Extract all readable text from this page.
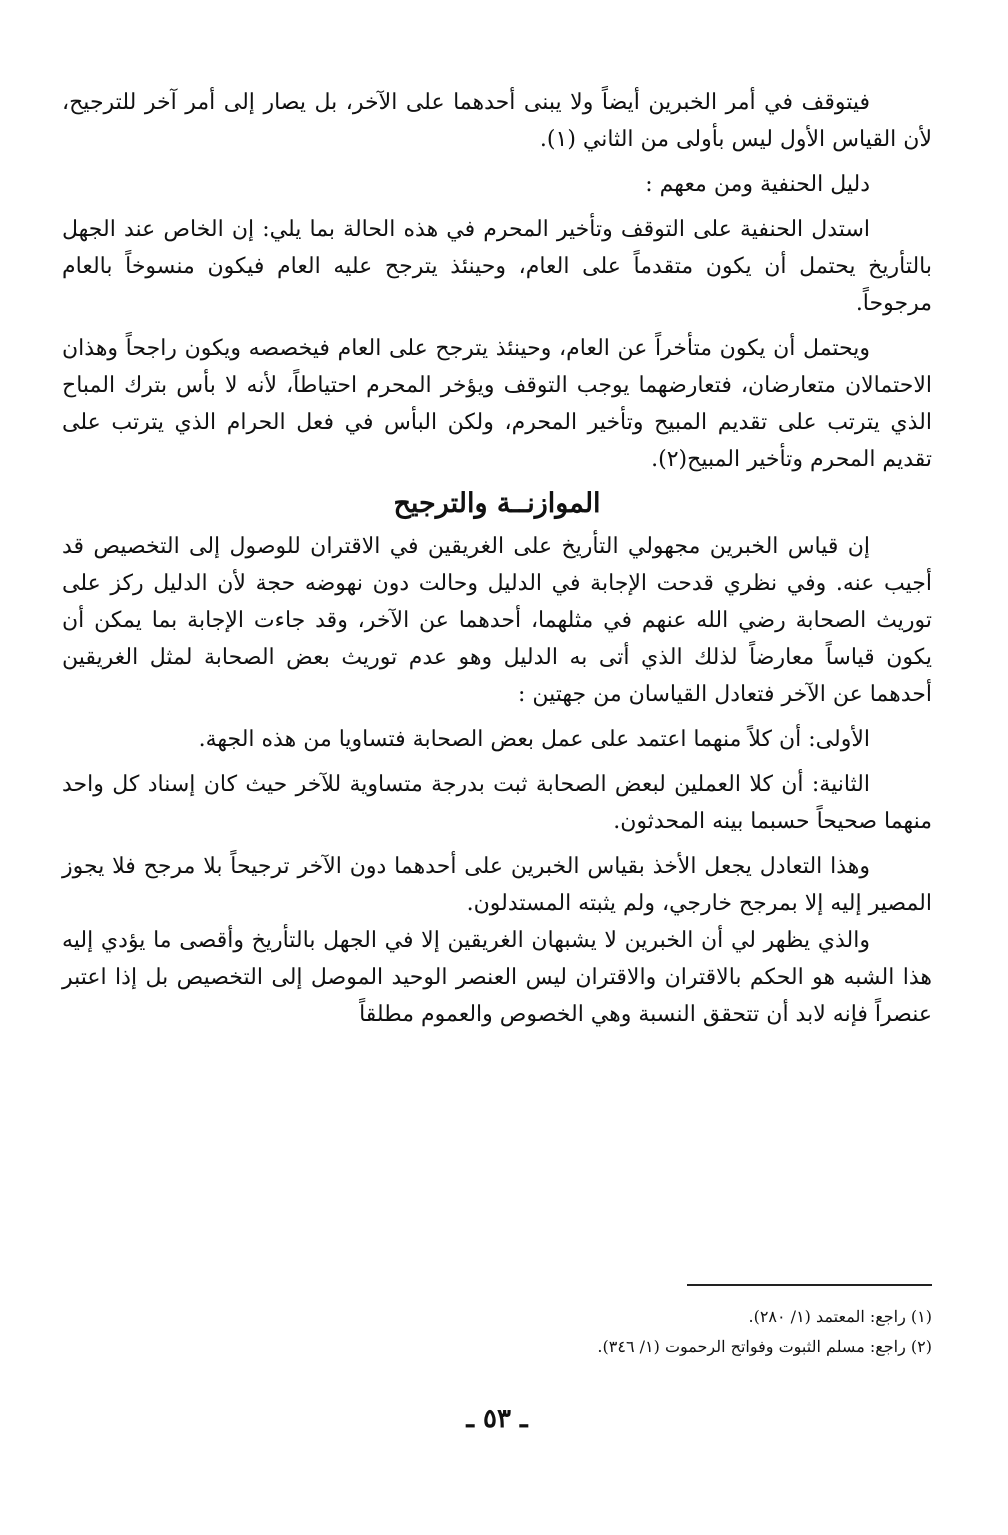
فيتوقف في أمر الخبرين أيضاً ولا يبنى أحدهما على الآخر، بل يصار إلى أمر آخر للترجيح، لأن القياس الأول ليس بأولى من الثاني (١).

دليل الحنفية ومن معهم :

استدل الحنفية على التوقف وتأخير المحرم في هذه الحالة بما يلي: إن الخاص عند الجهل بالتأريخ يحتمل أن يكون متقدماً على العام، وحينئذ يترجح عليه العام فيكون منسوخاً بالعام مرجوحاً.

ويحتمل أن يكون متأخراً عن العام، وحينئذ يترجح على العام فيخصصه ويكون راجحاً وهذان الاحتمالان متعارضان، فتعارضهما يوجب التوقف ويؤخر المحرم احتياطاً، لأنه لا بأس بترك المباح الذي يترتب على تقديم المبيح وتأخير المحرم، ولكن البأس في فعل الحرام الذي يترتب على تقديم المحرم وتأخير المبيح(٢).

الموازنــة والترجيح

إن قياس الخبرين مجهولي التأريخ على الغريقين في الاقتران للوصول إلى التخصيص قد أجيب عنه. وفي نظري قدحت الإجابة في الدليل وحالت دون نهوضه حجة لأن الدليل ركز على توريث الصحابة رضي الله عنهم في مثلهما، أحدهما عن الآخر، وقد جاءت الإجابة بما يمكن أن يكون قياساً معارضاً لذلك الذي أتى به الدليل وهو عدم توريث بعض الصحابة لمثل الغريقين أحدهما عن الآخر فتعادل القياسان من جهتين :

الأولى: أن كلاً منهما اعتمد على عمل بعض الصحابة فتساويا من هذه الجهة.

الثانية: أن كلا العملين لبعض الصحابة ثبت بدرجة متساوية للآخر حيث كان إسناد كل واحد منهما صحيحاً حسبما بينه المحدثون.

وهذا التعادل يجعل الأخذ بقياس الخبرين على أحدهما دون الآخر ترجيحاً بلا مرجح فلا يجوز المصير إليه إلا بمرجح خارجي، ولم يثبته المستدلون.

والذي يظهر لي أن الخبرين لا يشبهان الغريقين إلا في الجهل بالتأريخ وأقصى ما يؤدي إليه هذا الشبه هو الحكم بالاقتران والاقتران ليس العنصر الوحيد الموصل إلى التخصيص بل إذا اعتبر عنصراً فإنه لابد أن تتحقق النسبة وهي الخصوص والعموم مطلقاً

(١) راجع: المعتمد (١/ ٢٨٠).
(٢) راجع: مسلم الثبوت وفواتح الرحموت (١/ ٣٤٦).
ـ ٥٣ ـ
